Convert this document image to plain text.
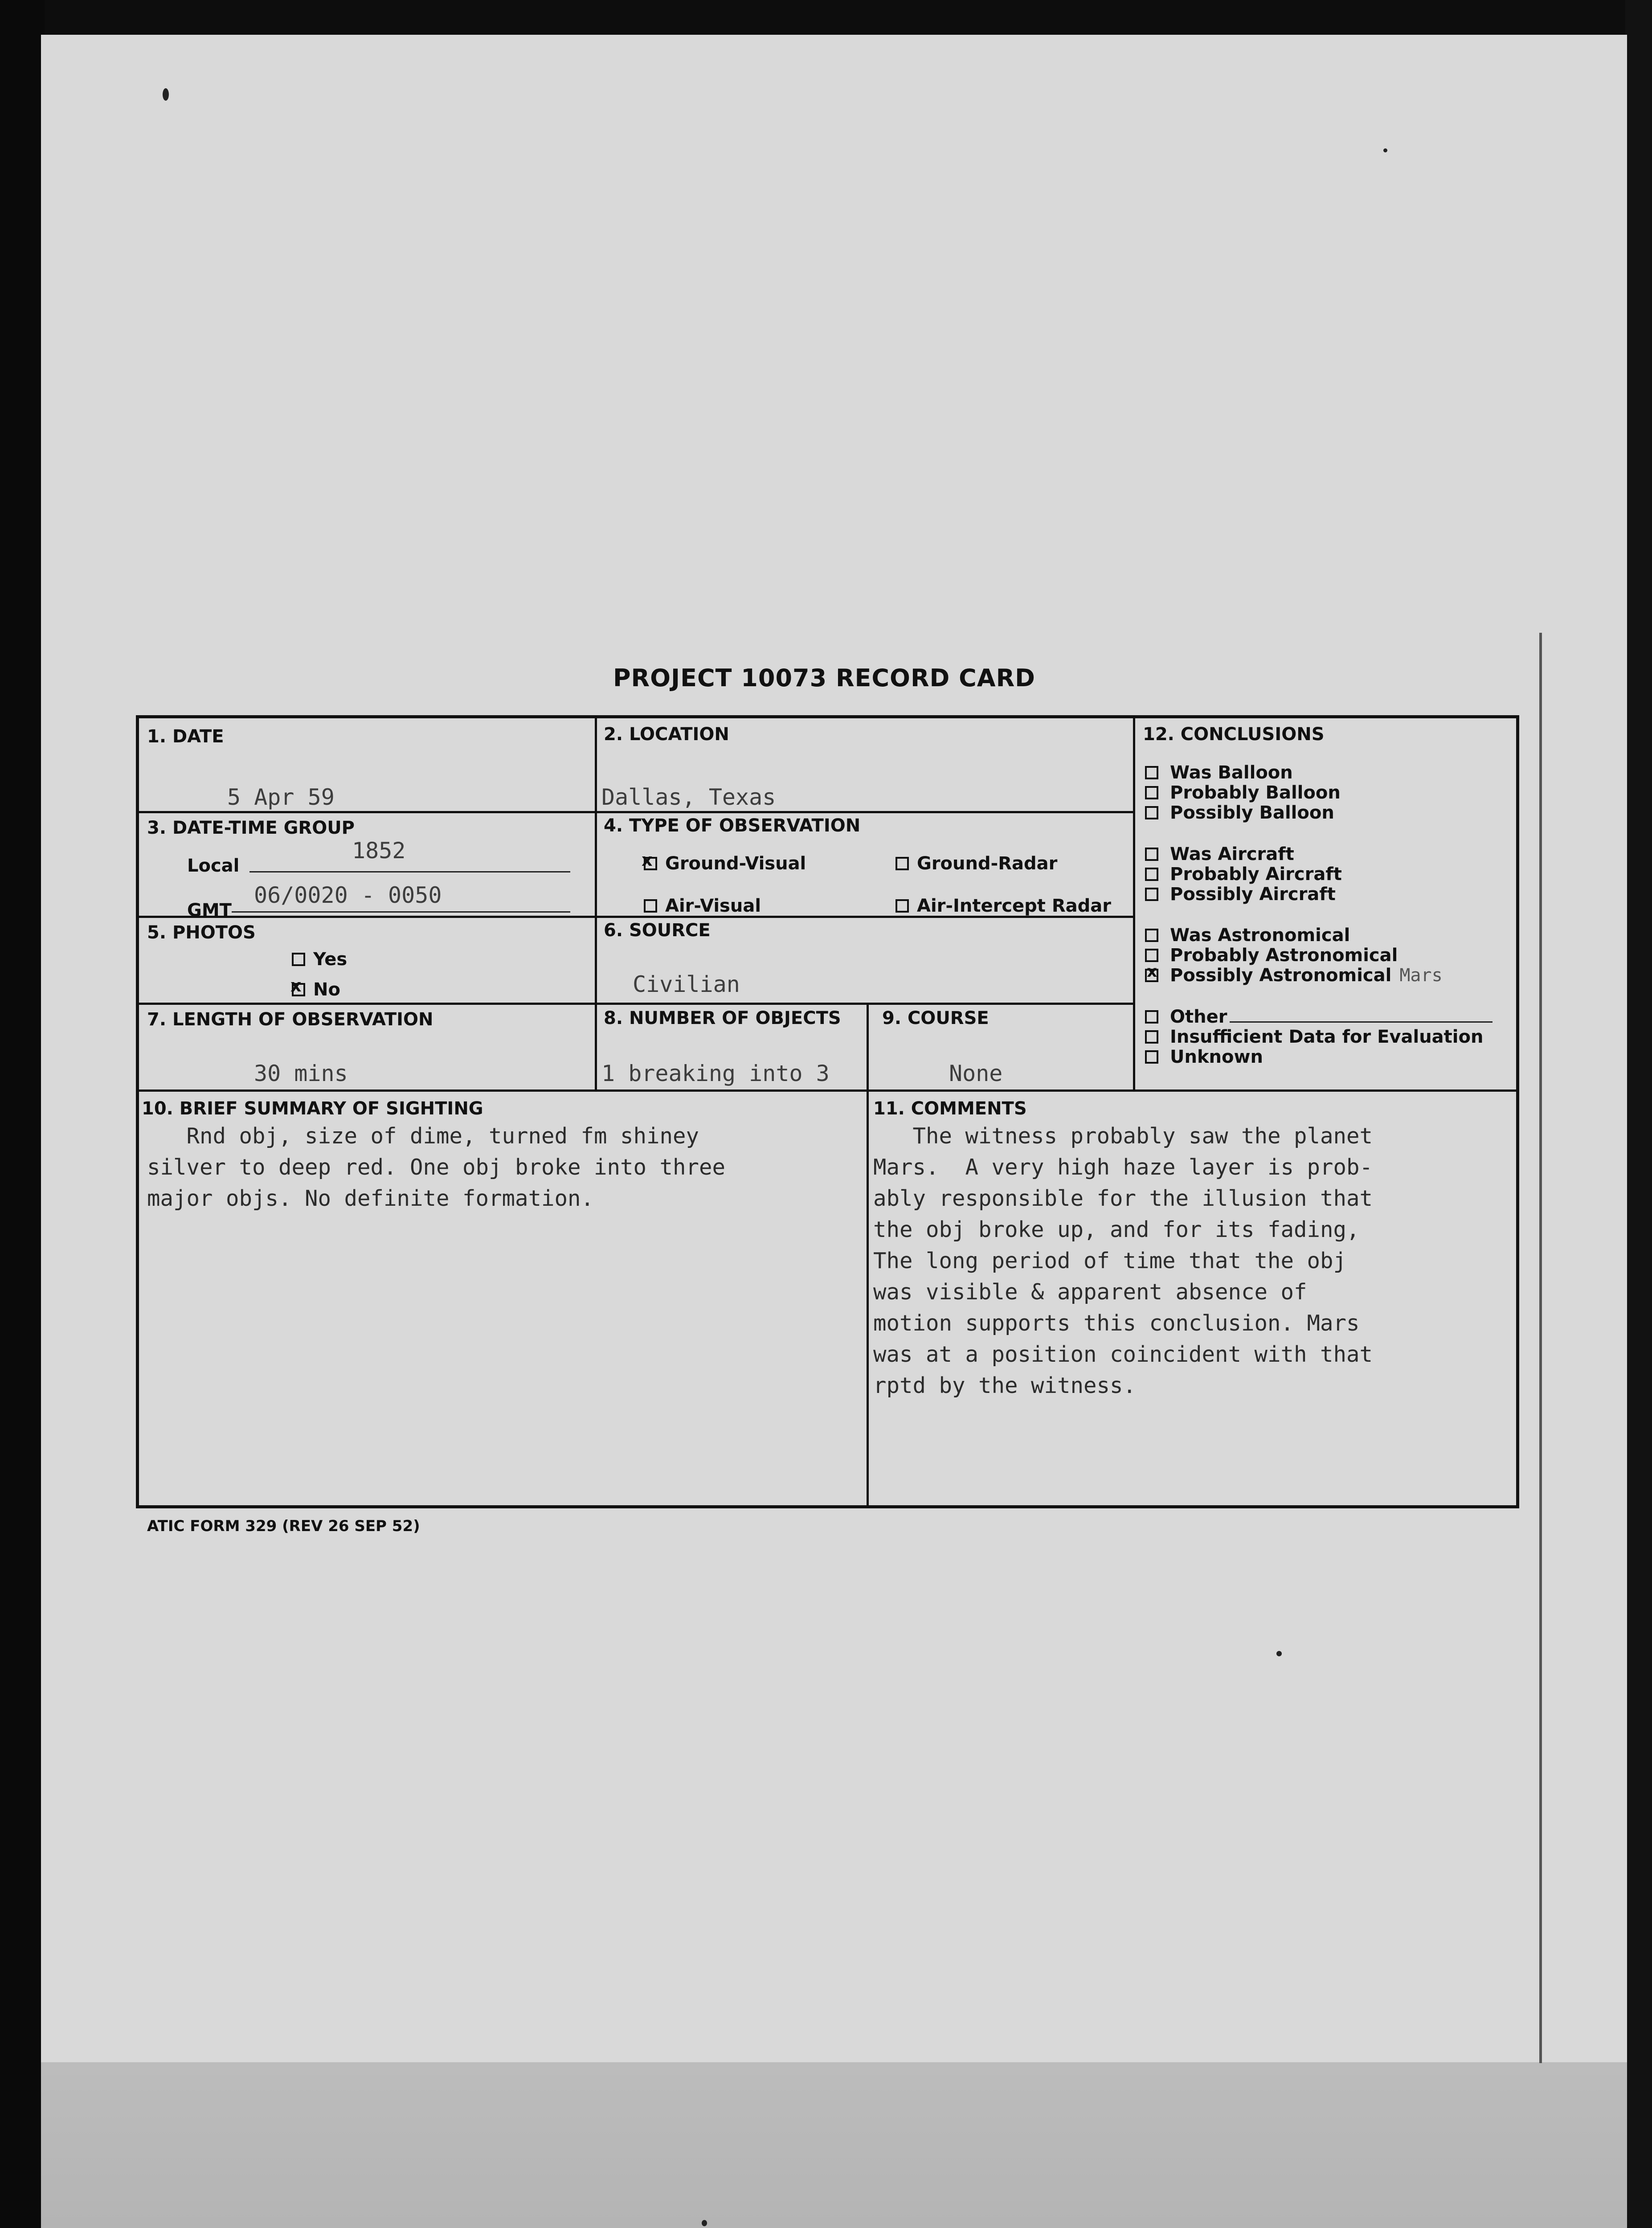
PROJECT 10073 RECORD CARD
1. DATE
5 Apr 59
2. LOCATION
Dallas, Texas
3. DATE-TIME GROUP
Local
1852
GMT
06/0020 - 0050
4. TYPE OF OBSERVATION
Ground-Visual
x	Ground-Radar
Air-Visual	Air-Intercept Radar
5. PHOTOS
Yes
No
x
6. SOURCE
Civilian
7. LENGTH OF OBSERVATION
30 mins
8. NUMBER OF OBJECTS
1 breaking into 3
9. COURSE
None
10. BRIEF SUMMARY OF SIGHTING
Rnd obj, size of dime, turned fm shiney
silver to deep red. One obj broke into three
major objs. No definite formation.
11. COMMENTS
The witness probably saw the planet
Mars.  A very high haze layer is prob-
ably responsible for the illusion that
the obj broke up, and for its fading,
The long period of time that the obj
was visible & apparent absence of
motion supports this conclusion. Mars
was at a position coincident with that
rptd by the witness.
12. CONCLUSIONS
Was Balloon
Probably Balloon
Possibly Balloon
Was Aircraft
Probably Aircraft
Possibly Aircraft
Was Astronomical
Probably Astronomical
Possibly Astronomical Mars
x
Other
Insufficient Data for Evaluation
Unknown
ATIC FORM 329 (REV 26 SEP 52)
